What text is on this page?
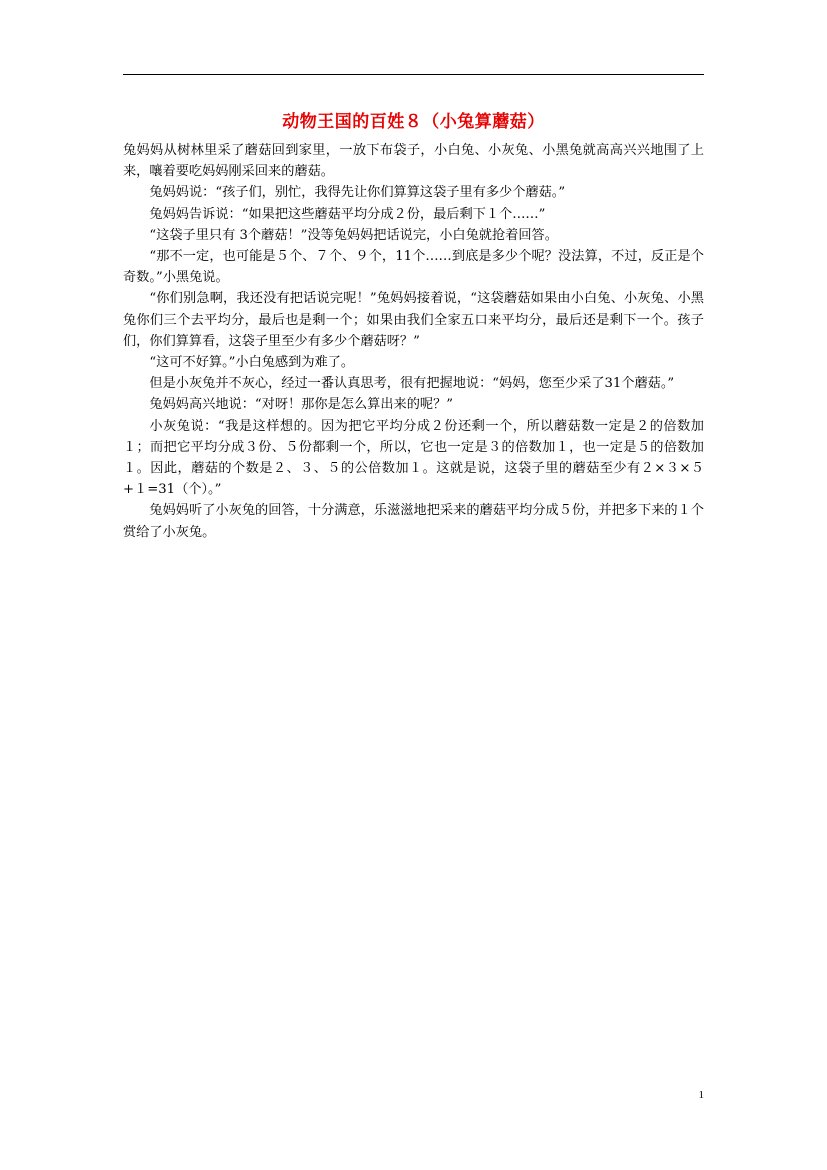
动物王国的百姓８（小兔算蘑菇）

兔妈妈从树林里采了蘑菇回到家里，一放下布袋子，小白兔、小灰兔、小黑兔就高高兴兴地围了上来，嚷着要吃妈妈刚采回来的蘑菇。

兔妈妈说：“孩子们，别忙，我得先让你们算算这袋子里有多少个蘑菇。”

兔妈妈告诉说：“如果把这些蘑菇平均分成２份，最后剩下１个……”

“这袋子里只有 3个蘑菇！”没等兔妈妈把话说完，小白兔就抢着回答。

“那不一定，也可能是５个、７个、９个，11个……到底是多少个呢？没法算，不过，反正是个奇数。”小黑兔说。

“你们别急啊，我还没有把话说完呢！”兔妈妈接着说，“这袋蘑菇如果由小白兔、小灰兔、小黑兔你们三个去平均分，最后也是剩一个；如果由我们全家五口来平均分，最后还是剩下一个。孩子们，你们算算看，这袋子里至少有多少个蘑菇呀？”

“这可不好算。”小白兔感到为难了。

但是小灰兔并不灰心，经过一番认真思考，很有把握地说：“妈妈，您至少采了31个蘑菇。”

兔妈妈高兴地说：“对呀！那你是怎么算出来的呢？”

小灰兔说：“我是这样想的。因为把它平均分成２份还剩一个，所以蘑菇数一定是２的倍数加１；而把它平均分成３份、５份都剩一个，所以，它也一定是３的倍数加１，也一定是５的倍数加１。因此，蘑菇的个数是２、３、５的公倍数加１。这就是说，这袋子里的蘑菇至少有２×３×５+１=31（个）。”

兔妈妈听了小灰兔的回答，十分满意，乐滋滋地把采来的蘑菇平均分成５份，并把多下来的１个赏给了小灰兔。

1
